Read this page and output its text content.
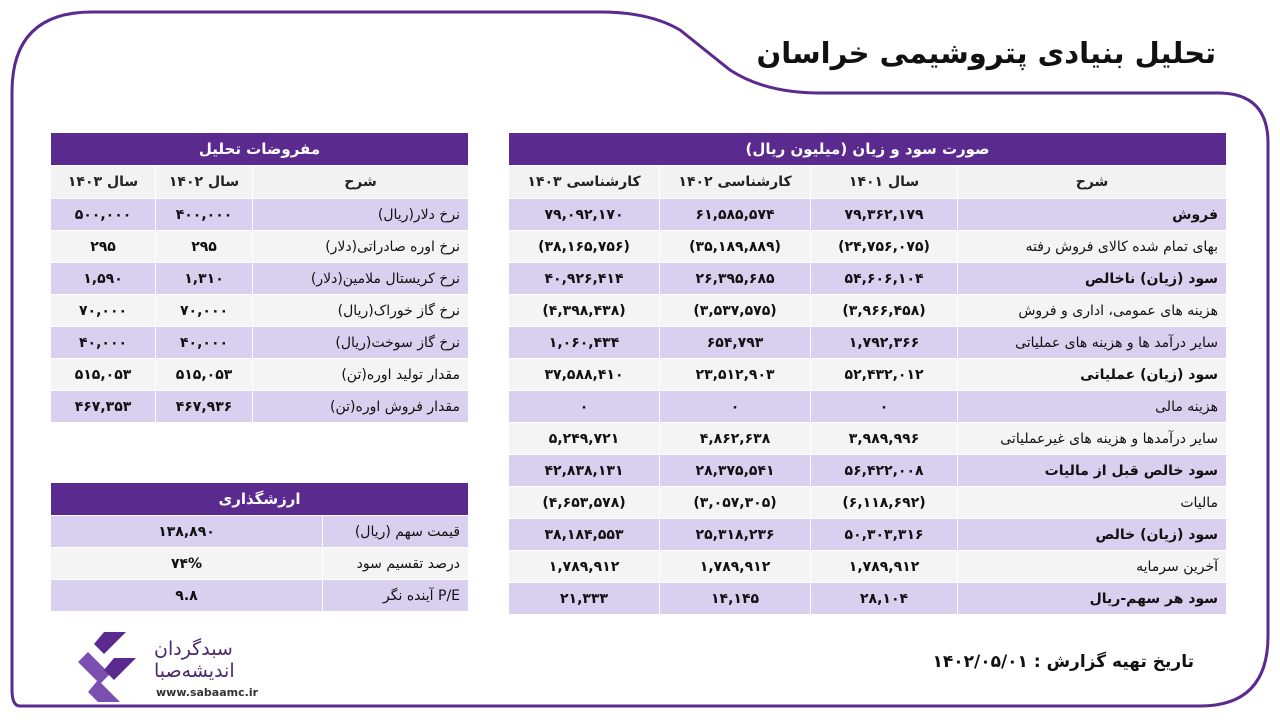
تحلیل بنیادی پتروشیمی خراسان
صورت سود و زیان (میلیون ریال)			
شرح	سال ۱۴۰۱	کارشناسی ۱۴۰۲	کارشناسی ۱۴۰۳
فروش	۷۹,۳۶۲,۱۷۹	۶۱,۵۸۵,۵۷۴	۷۹,۰۹۲,۱۷۰
بهای تمام شده کالای فروش رفته	(۲۴,۷۵۶,۰۷۵)	(۳۵,۱۸۹,۸۸۹)	(۳۸,۱۶۵,۷۵۶)
سود (زیان) ناخالص	۵۴,۶۰۶,۱۰۴	۲۶,۳۹۵,۶۸۵	۴۰,۹۲۶,۴۱۴
هزینه های عمومی، اداری و فروش	(۳,۹۶۶,۴۵۸)	(۳,۵۳۷,۵۷۵)	(۴,۳۹۸,۴۳۸)
سایر درآمد ها و هزینه های عملیاتی	۱,۷۹۲,۳۶۶	۶۵۴,۷۹۳	۱,۰۶۰,۴۳۴
سود (زیان) عملیاتی	۵۲,۴۳۲,۰۱۲	۲۳,۵۱۲,۹۰۳	۳۷,۵۸۸,۴۱۰
هزینه مالی	۰	۰	۰
سایر درآمدها و هزینه های غیرعملیاتی	۳,۹۸۹,۹۹۶	۴,۸۶۲,۶۳۸	۵,۲۴۹,۷۲۱
سود خالص قبل از مالیات	۵۶,۴۲۲,۰۰۸	۲۸,۳۷۵,۵۴۱	۴۲,۸۳۸,۱۳۱
مالیات	(۶,۱۱۸,۶۹۲)	(۳,۰۵۷,۳۰۵)	(۴,۶۵۳,۵۷۸)
سود (زیان) خالص	۵۰,۳۰۳,۳۱۶	۲۵,۳۱۸,۲۳۶	۳۸,۱۸۴,۵۵۳
آخرین سرمایه	۱,۷۸۹,۹۱۲	۱,۷۸۹,۹۱۲	۱,۷۸۹,۹۱۲
سود هر سهم-ریال	۲۸,۱۰۴	۱۴,۱۴۵	۲۱,۳۳۳
مفروضات تحلیل		
شرح	سال ۱۴۰۲	سال ۱۴۰۳
نرخ دلار(ریال)	۴۰۰,۰۰۰	۵۰۰,۰۰۰
نرخ اوره صادراتی(دلار)	۲۹۵	۲۹۵
نرخ کریستال ملامین(دلار)	۱,۳۱۰	۱,۵۹۰
نرخ گاز خوراک(ریال)	۷۰,۰۰۰	۷۰,۰۰۰
نرخ گاز سوخت(ریال)	۴۰,۰۰۰	۴۰,۰۰۰
مقدار تولید اوره(تن)	۵۱۵,۰۵۳	۵۱۵,۰۵۳
مقدار فروش اوره(تن)	۴۶۷,۹۳۶	۴۶۷,۳۵۳
ارزشگذاری	
قیمت سهم (ریال)	۱۳۸,۸۹۰
درصد تقسیم سود	۷۴%
P/E آینده نگر	۹.۸
تاریخ تهیه گزارش : ۱۴۰۲/۰۵/۰۱
سبدگردان
اندیشه‌صبا
www.sabaamc.ir
